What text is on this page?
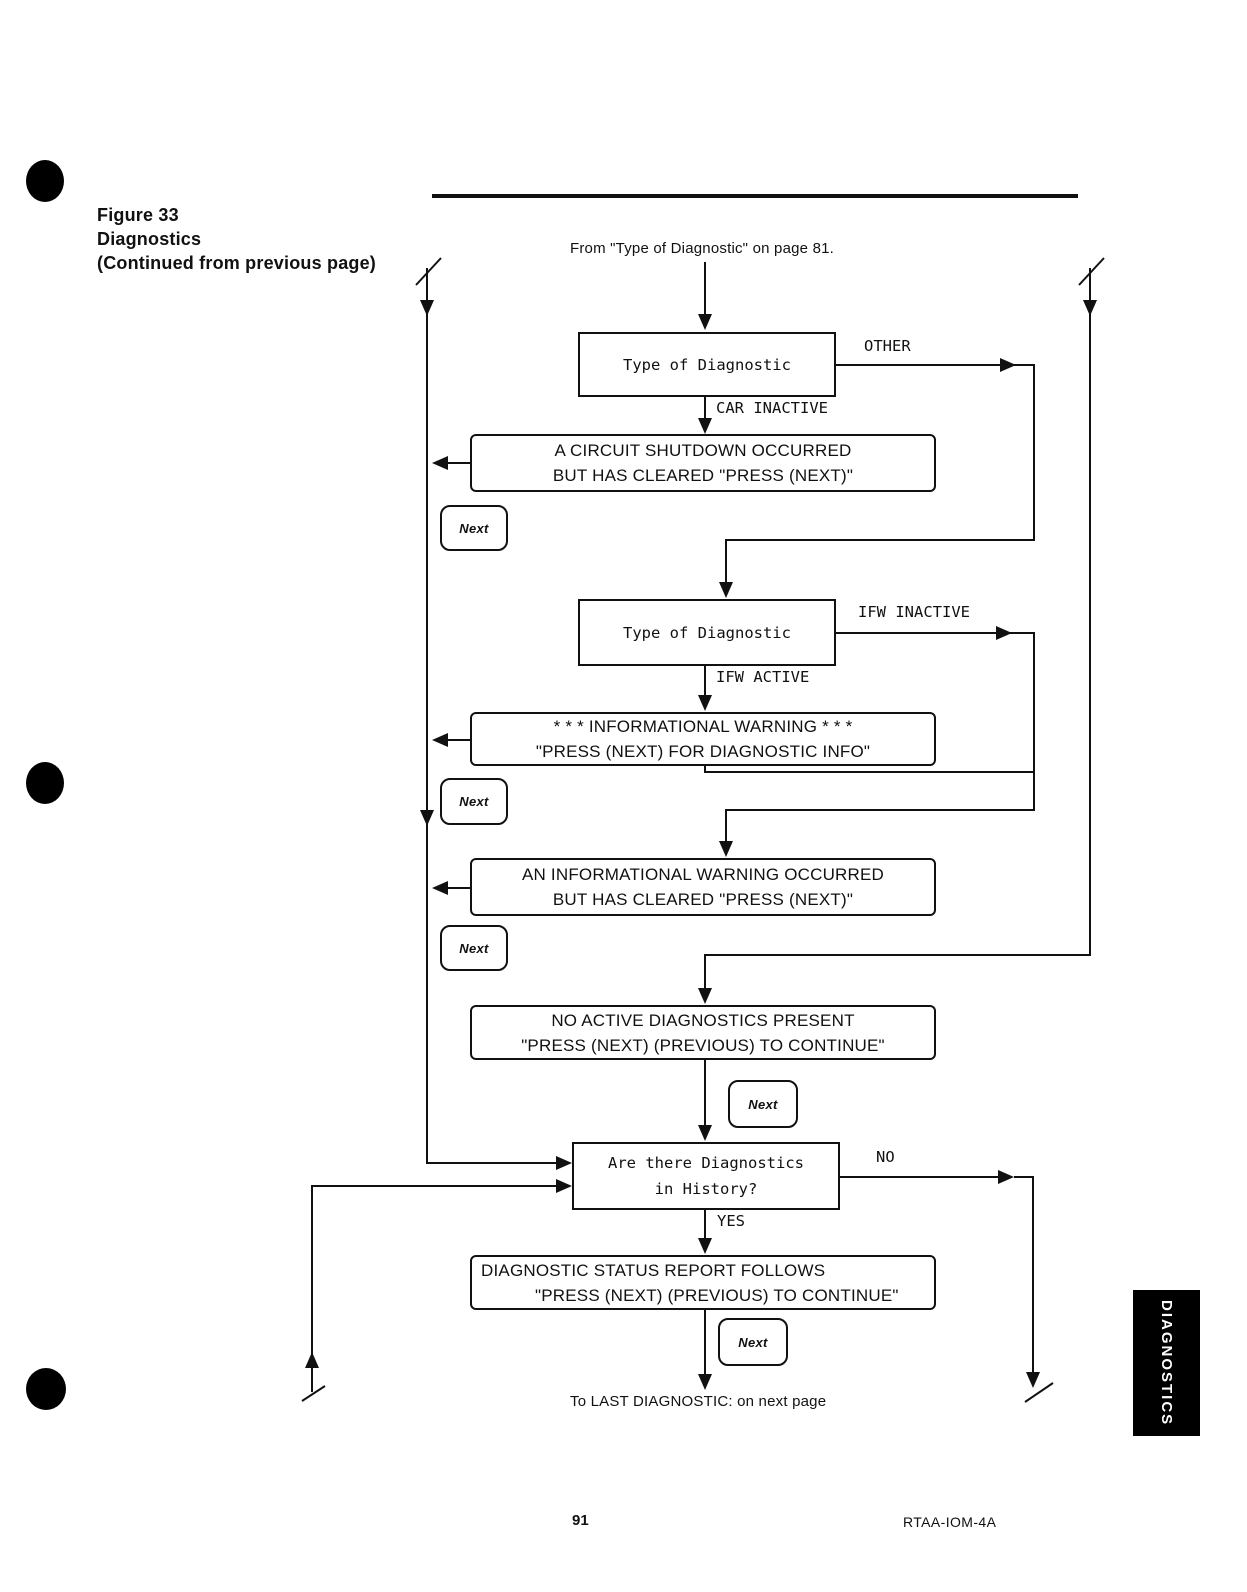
Figure 33
Diagnostics
(Continued from previous page)
From "Type of Diagnostic" on page 81.
Type of Diagnostic
A CIRCUIT SHUTDOWN OCCURRED
BUT HAS CLEARED "PRESS (NEXT)"
Type of Diagnostic
* * * INFORMATIONAL WARNING * * *
"PRESS (NEXT) FOR DIAGNOSTIC INFO"
AN INFORMATIONAL WARNING OCCURRED
BUT HAS CLEARED "PRESS (NEXT)"
NO ACTIVE DIAGNOSTICS PRESENT
"PRESS (NEXT) (PREVIOUS) TO CONTINUE"
Are there Diagnostics
in History?
DIAGNOSTIC STATUS REPORT FOLLOWS
"PRESS (NEXT) (PREVIOUS) TO CONTINUE"
OTHER
CAR INACTIVE
IFW INACTIVE
IFW ACTIVE
NO
YES
Next
Next
Next
Next
Next
To LAST DIAGNOSTIC: on next page	DIAGNOSTICS
91	RTAA-IOM-4A
